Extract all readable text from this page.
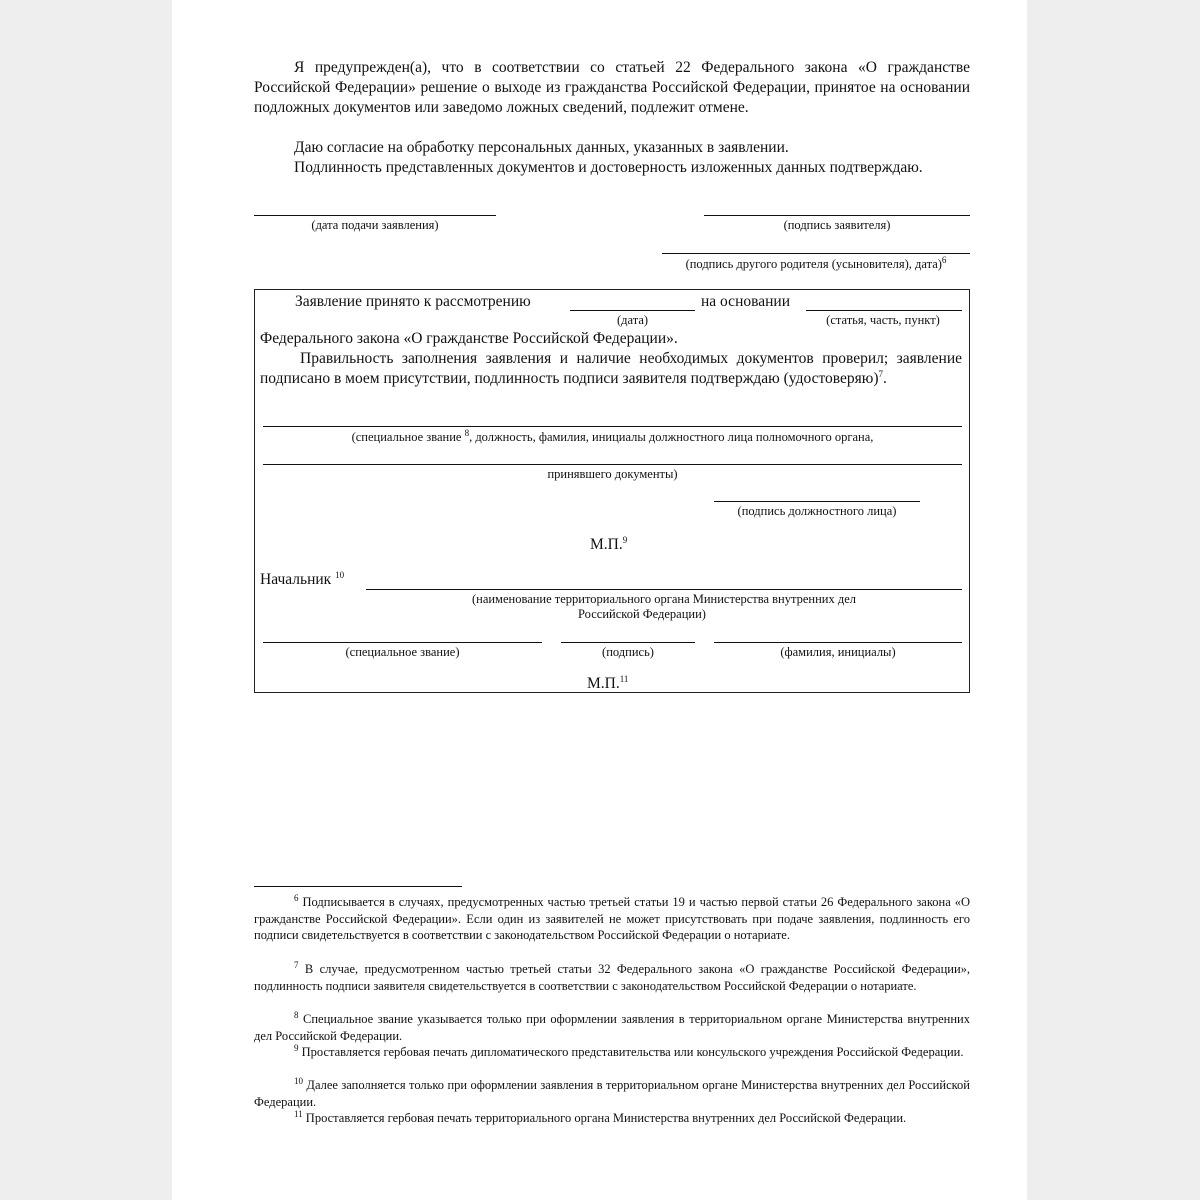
Я предупрежден(а), что в соответствии со статьей 22 Федерального закона «О гражданстве Российской Федерации» решение о выходе из гражданства Российской Федерации, принятое на основании подложных документов или заведомо ложных сведений, подлежит отмене.
Даю согласие на обработку персональных данных, указанных в заявлении.
Подлинность представленных документов и достоверность изложенных данных подтверждаю.
(дата подачи заявления)	(подпись заявителя)
(подпись другого родителя (усыновителя), дата)$^6$
Заявление принято к рассмотрению	на основании
(дата)	(статья, часть, пункт)
Федерального закона «О гражданстве Российской Федерации».
Правильность заполнения заявления и наличие необходимых документов проверил; заявление подписано в моем присутствии, подлинность подписи заявителя подтверждаю (удостоверяю)$^7$.
(специальное звание $^8$, должность, фамилия, инициалы должностного лица полномочного органа,
принявшего документы)
(подпись должностного лица)
М.П.$^9$
Начальник $^{10}$
(наименование территориального органа Министерства внутренних дел
Российской Федерации)
(специальное звание)	(подпись)	(фамилия, инициалы)
М.П.$^{11}$
$^6$ Подписывается в случаях, предусмотренных частью третьей статьи 19 и частью первой статьи 26 Федерального закона «О гражданстве Российской Федерации». Если один из заявителей не может присутствовать при подаче заявления, подлинность его подписи свидетельствуется в соответствии с законодательством Российской Федерации о нотариате.
$^7$ В случае, предусмотренном частью третьей статьи 32 Федерального закона «О гражданстве Российской Федерации», подлинность подписи заявителя свидетельствуется в соответствии с законодательством Российской Федерации о нотариате.
$^8$ Специальное звание указывается только при оформлении заявления в территориальном органе Министерства внутренних дел Российской Федерации.
$^9$ Проставляется гербовая печать дипломатического представительства или консульского учреждения Российской Федерации.
$^{10}$ Далее заполняется только при оформлении заявления в территориальном органе Министерства внутренних дел Российской Федерации.
$^{11}$ Проставляется гербовая печать территориального органа Министерства внутренних дел Российской Федерации.
